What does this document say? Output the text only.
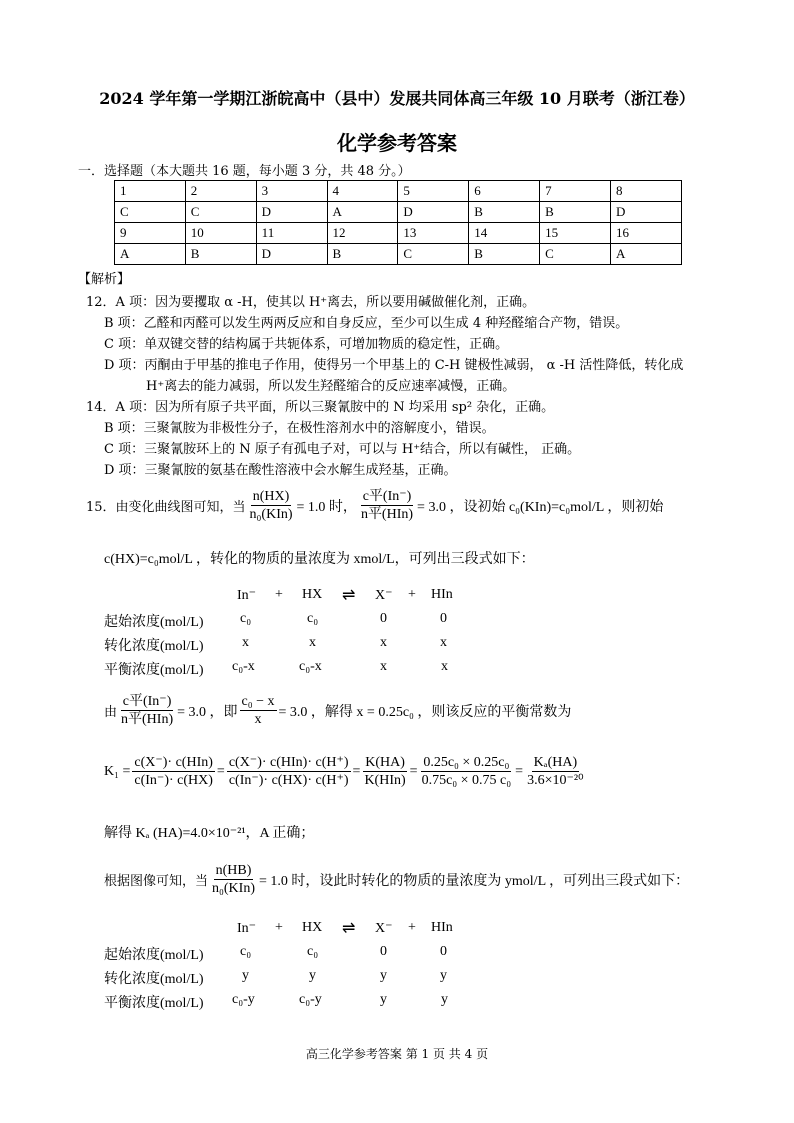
2024 学年第一学期江浙皖高中（县中）发展共同体高三年级 10 月联考（浙江卷）
化学参考答案
一．选择题（本大题共 16 题，每小题 3 分，共 48 分。）
1	2	3	4	5	6	7	8
C	C	D	A	D	B	B	D
9	10	11	12	13	14	15	16
A	B	D	B	C	B	C	A
【解析】
12．A 项：因为要攫取 α -H，使其以 H⁺离去，所以要用碱做催化剂，正确。
B 项：乙醛和丙醛可以发生两两反应和自身反应，至少可以生成 4 种羟醛缩合产物，错误。
C 项：单双键交替的结构属于共轭体系，可增加物质的稳定性，正确。
D 项：丙酮由于甲基的推电子作用，使得另一个甲基上的 C-H 键极性减弱， α -H 活性降低，转化成
H⁺离去的能力减弱，所以发生羟醛缩合的反应速率减慢，正确。
14．A 项：因为所有原子共平面，所以三聚氰胺中的 N 均采用 sp² 杂化，正确。
B 项：三聚氰胺为非极性分子，在极性溶剂水中的溶解度小，错误。
C 项：三聚氰胺环上的 N 原子有孤电子对，可以与 H⁺结合，所以有碱性， 正确。
D 项：三聚氰胺的氨基在酸性溶液中会水解生成羟基，正确。
15．由变化曲线图可知，当
n(HX)
n₀(KIn) = 1.0 时，
c平(In⁻)
n平(HIn) = 3.0 ，设初始 c₀(KIn)=c₀mol/L ，则初始
c(HX)=c₀mol/L ，转化的物质的量浓度为 xmol/L，可列出三段式如下：
In⁻ + HX ⇌ X⁻ + HIn
起始浓度(mol/L)	c₀	c₀	0	0
转化浓度(mol/L)	x	x	x	x
平衡浓度(mol/L) c₀-x	c₀-x	x	x
由
c平(In⁻)
n平(HIn) = 3.0 ，即 $\frac{\text{c₀ − x}}{x} = 3.0$ ，解得 x = 0.25c₀ ，则该反应的平衡常数为
K₁ =
c(X⁻)· c(HIn)
c(In⁻)· c(HX)
=
c(X⁻)· c(HIn)· c(H⁺)
c(In⁻)· c(HX)· c(H⁺)
=
K(HA)
K(HIn)
= $\frac{\text{0.25c₀ × 0.25c₀}}{\text{0.75c₀ × 0.75 c₀}} = \frac{\text{Kₐ(HA)}}{\text{3.6×10⁻²⁰}}$
解得 Kₐ (HA)=4.0×10⁻²¹，A 正确；
根据图像可知，当
n(HB)
n₀(KIn) = 1.0 时，设此时转化的物质的量浓度为 ymol/L ，可列出三段式如下：
In⁻ + HX ⇌ X⁻ + HIn
起始浓度(mol/L)	c₀	c₀	0	0
转化浓度(mol/L)	y	y	y	y
平衡浓度(mol/L) c₀-y	c₀-y	y	y
高三化学参考答案 第 1 页 共 4 页
